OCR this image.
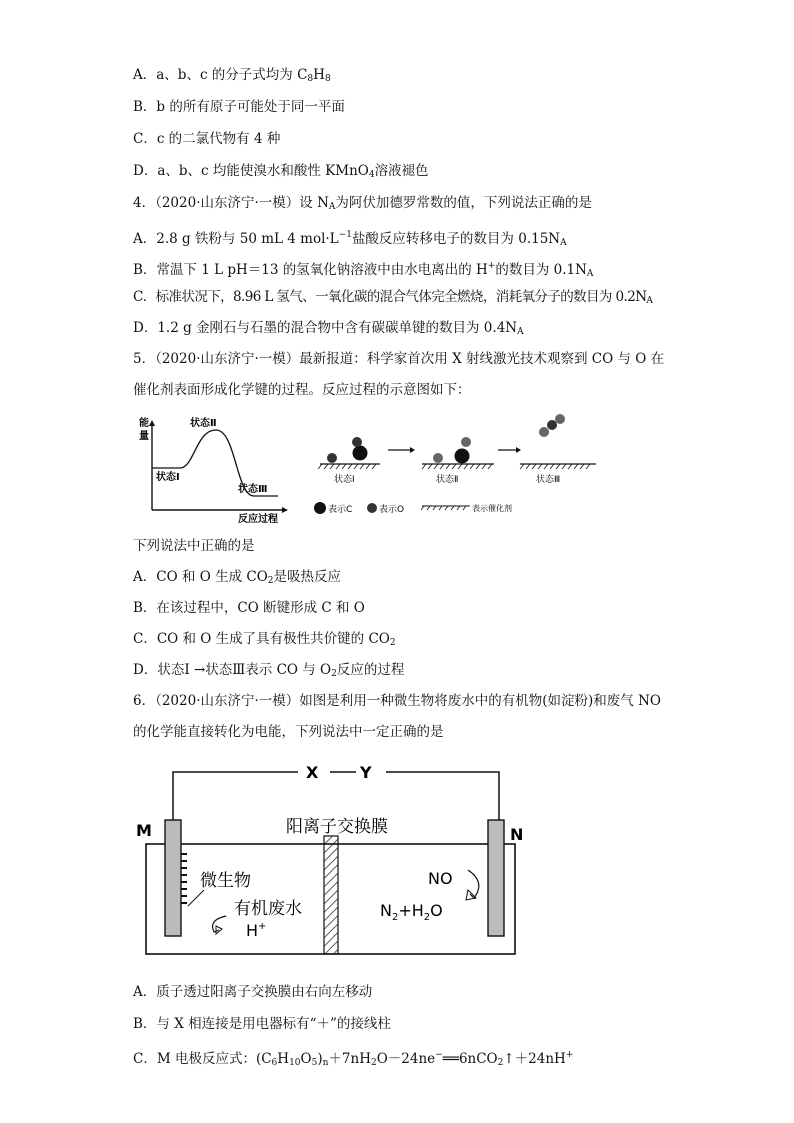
A．a、b、c 的分子式均为 $C_8H_8$
B．b 的所有原子可能处于同一平面
C．c 的二氯代物有 4 种
D．a、b、c 均能使溴水和酸性 KMnO$_4$溶液褪色
4．（2020·山东济宁·一模）设 $N_A$为阿伏加德罗常数的值，下列说法正确的是
A．2.8 g 铁粉与 50 mL 4 $mol\cdot L^{-1}$盐酸反应转移电子的数目为 $0.15N_A$
B．常温下 1 L pH＝13 的氢氧化钠溶液中由水电离出的 H+的数目为 $0.1N_A$
C．标准状况下，8.96 L 氢气、一氧化碳的混合气体完全燃烧，消耗氧分子的数目为 $0.2N_A$
D．1.2 g 金刚石与石墨的混合物中含有碳碳单键的数目为 $0.4N_A$
5．（2020·山东济宁·一模）最新报道：科学家首次用 X 射线激光技术观察到 CO 与 O 在
催化剂表面形成化学键的过程。反应过程的示意图如下：
能
量
状态Ⅱ
状态Ⅰ
状态Ⅲ
反应过程
状态Ⅰ	状态Ⅱ	状态Ⅲ
表示C	表示O	表示催化剂
下列说法中正确的是
A．CO 和 O 生成 $CO_2$是吸热反应
B．在该过程中，CO 断键形成 C 和 O
C．CO 和 O 生成了具有极性共价键的 $CO_2$
D．状态Ⅰ →状态Ⅲ表示 CO 与 $O_2$反应的过程
6．（2020·山东济宁·一模）如图是利用一种微生物将废水中的有机物(如淀粉)和废气 NO
的化学能直接转化为电能，下列说法中一定正确的是
X	Y
M	N
阳离子交换膜
微生物
有机废水
H+
NO
$N_2+H_2O$
A．质子透过阳离子交换膜由右向左移动
B．与 X 相连接是用电器标有“＋”的接线柱
C．M 电极反应式：$(C_6H_{10}O_5)_n+7nH_2O-24ne^-══6nCO_2↑+24nH^+$
